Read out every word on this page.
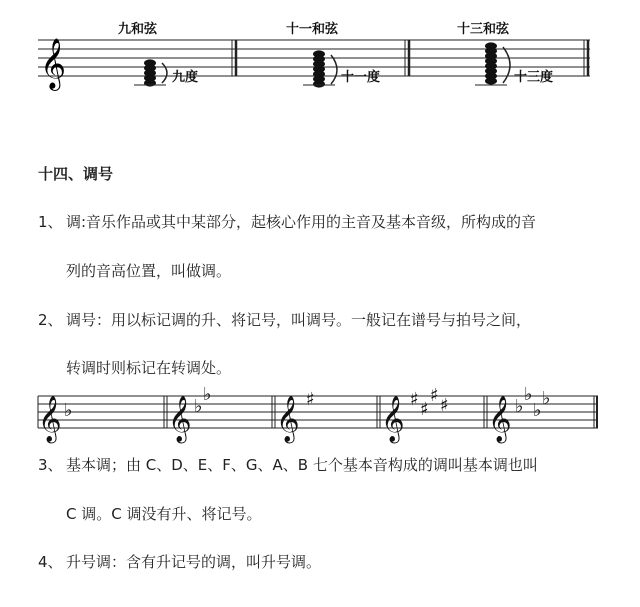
𝄞
𝄞	𝄞 𝄞 𝄞 𝄞
♭	♭
♭	♯	♯ ♯
♯ ♯	♭
♭
♭
♭
九和弦	十一和弦	十三和弦
九度	十一度	十三度
十四、调号
1、 调:音乐作品或其中某部分，起核心作用的主音及基本音级，所构成的音
列的音高位置，叫做调。
2、 调号：用以标记调的升、将记号，叫调号。一般记在谱号与拍号之间，
转调时则标记在转调处。
3、 基本调；由 C、D、E、F、G、A、B 七个基本音构成的调叫基本调也叫
C 调。C 调没有升、将记号。
4、 升号调：含有升记号的调，叫升号调。
